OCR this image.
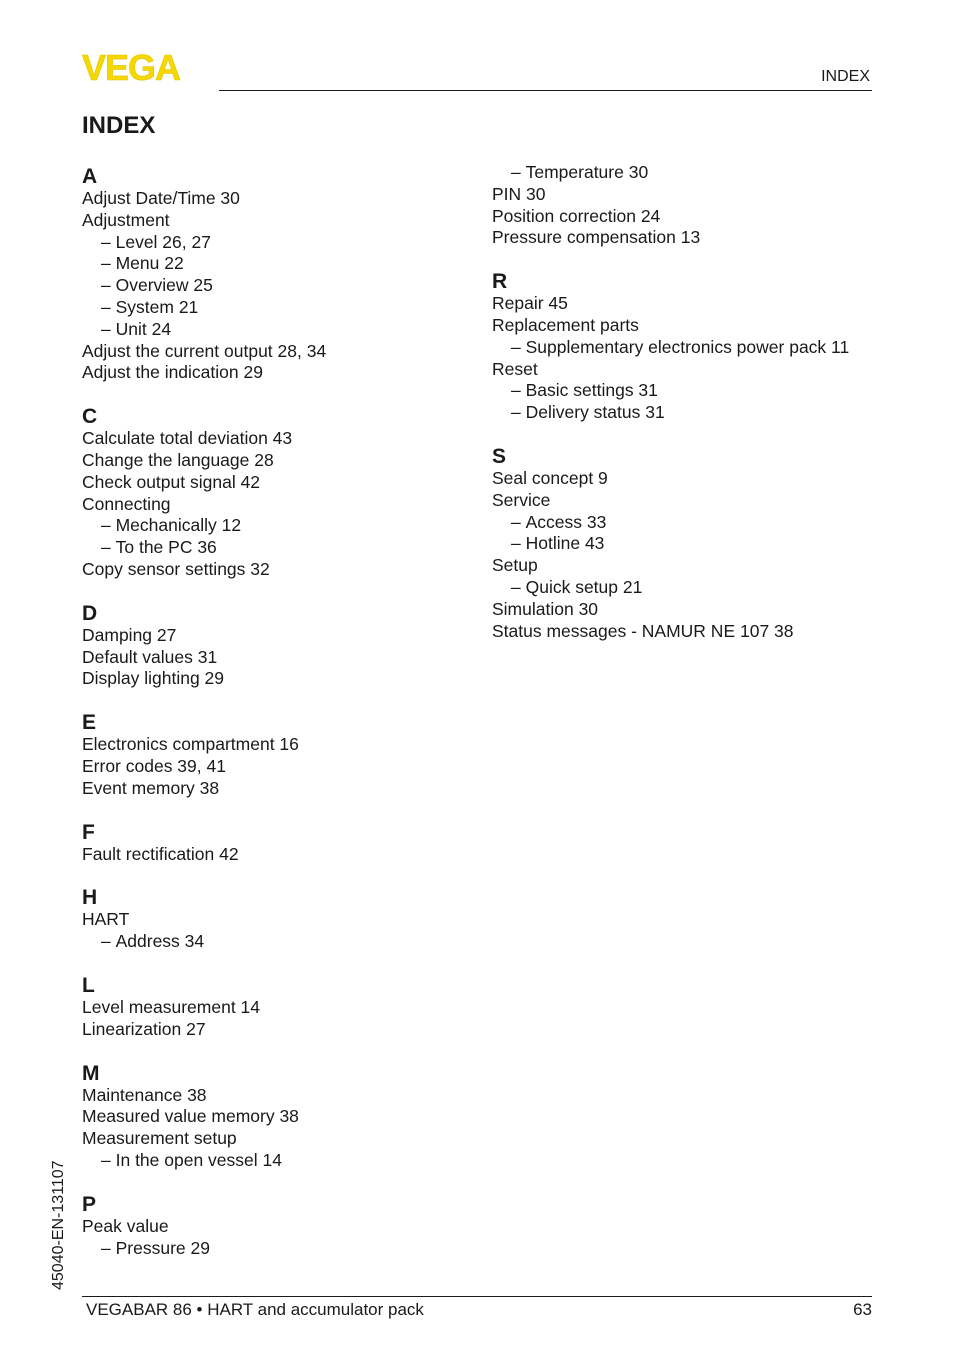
VEGA	INDEX
INDEX
A
Adjust Date/Time 30
Adjustment
– Level 26, 27
– Menu 22
– Overview 25
– System 21
– Unit 24
Adjust the current output 28, 34
Adjust the indication 29
C
Calculate total deviation 43
Change the language 28
Check output signal 42
Connecting
– Mechanically 12
– To the PC 36
Copy sensor settings 32
D
Damping 27
Default values 31
Display lighting 29
E
Electronics compartment 16
Error codes 39, 41
Event memory 38
F
Fault rectification 42
H
HART
– Address 34
L
Level measurement 14
Linearization 27
M
Maintenance 38
Measured value memory 38
Measurement setup
– In the open vessel 14
P
Peak value
– Pressure 29
– Temperature 30
PIN 30
Position correction 24
Pressure compensation 13
R
Repair 45
Replacement parts
– Supplementary electronics power pack 11
Reset
– Basic settings 31
– Delivery status 31
S
Seal concept 9
Service
– Access 33
– Hotline 43
Setup
– Quick setup 21
Simulation 30
Status messages - NAMUR NE 107 38
45040-EN-131107
VEGABAR 86 • HART and accumulator pack	63
